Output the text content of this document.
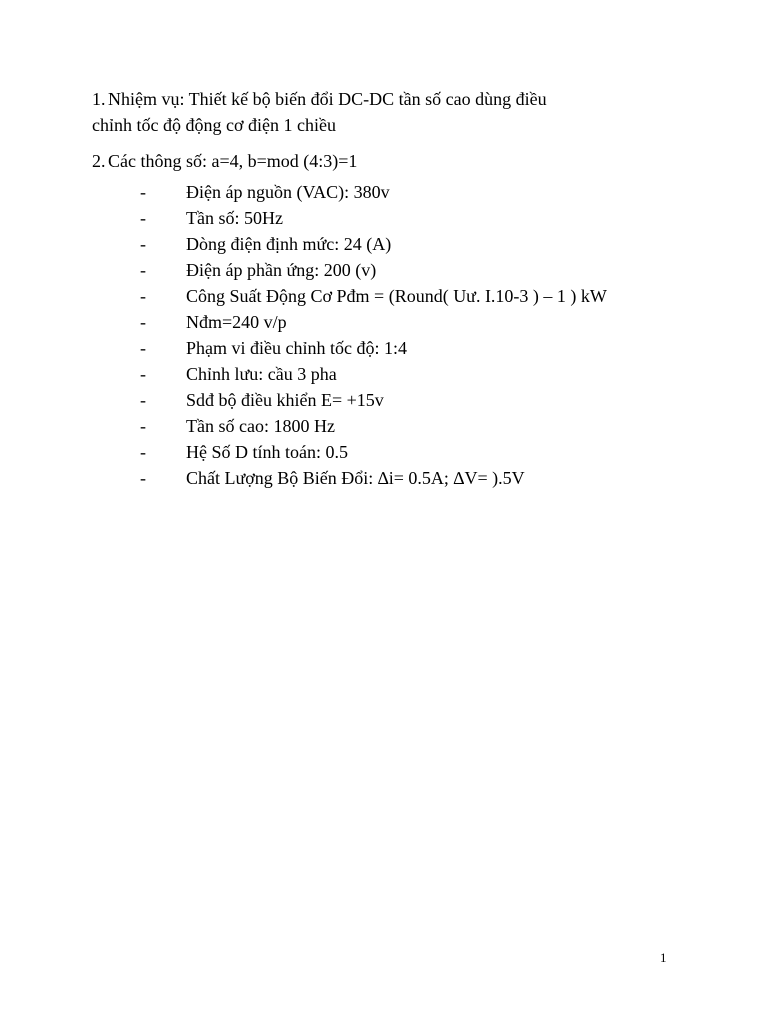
1. Nhiệm vụ: Thiết kế bộ biến đổi DC-DC tần số cao dùng điều
chỉnh tốc độ động cơ điện 1 chiều
2. Các thông số: a=4, b=mod (4:3)=1
- Điện áp nguồn (VAC): 380v
- Tần số: 50Hz
- Dòng điện định mức: 24 (A)
- Điện áp phần ứng: 200 (v)
- Công Suất Động Cơ Pđm = (Round( Uư. I.10-3 ) – 1 ) kW
- Nđm=240 v/p
- Phạm vi điều chỉnh tốc độ: 1:4
- Chỉnh lưu: cầu 3 pha
- Sdđ bộ điều khiển E= +15v
- Tần số cao: 1800 Hz
- Hệ Số D tính toán: 0.5
- Chất Lượng Bộ Biến Đổi: ∆i= 0.5A; ∆V= ).5V
1
